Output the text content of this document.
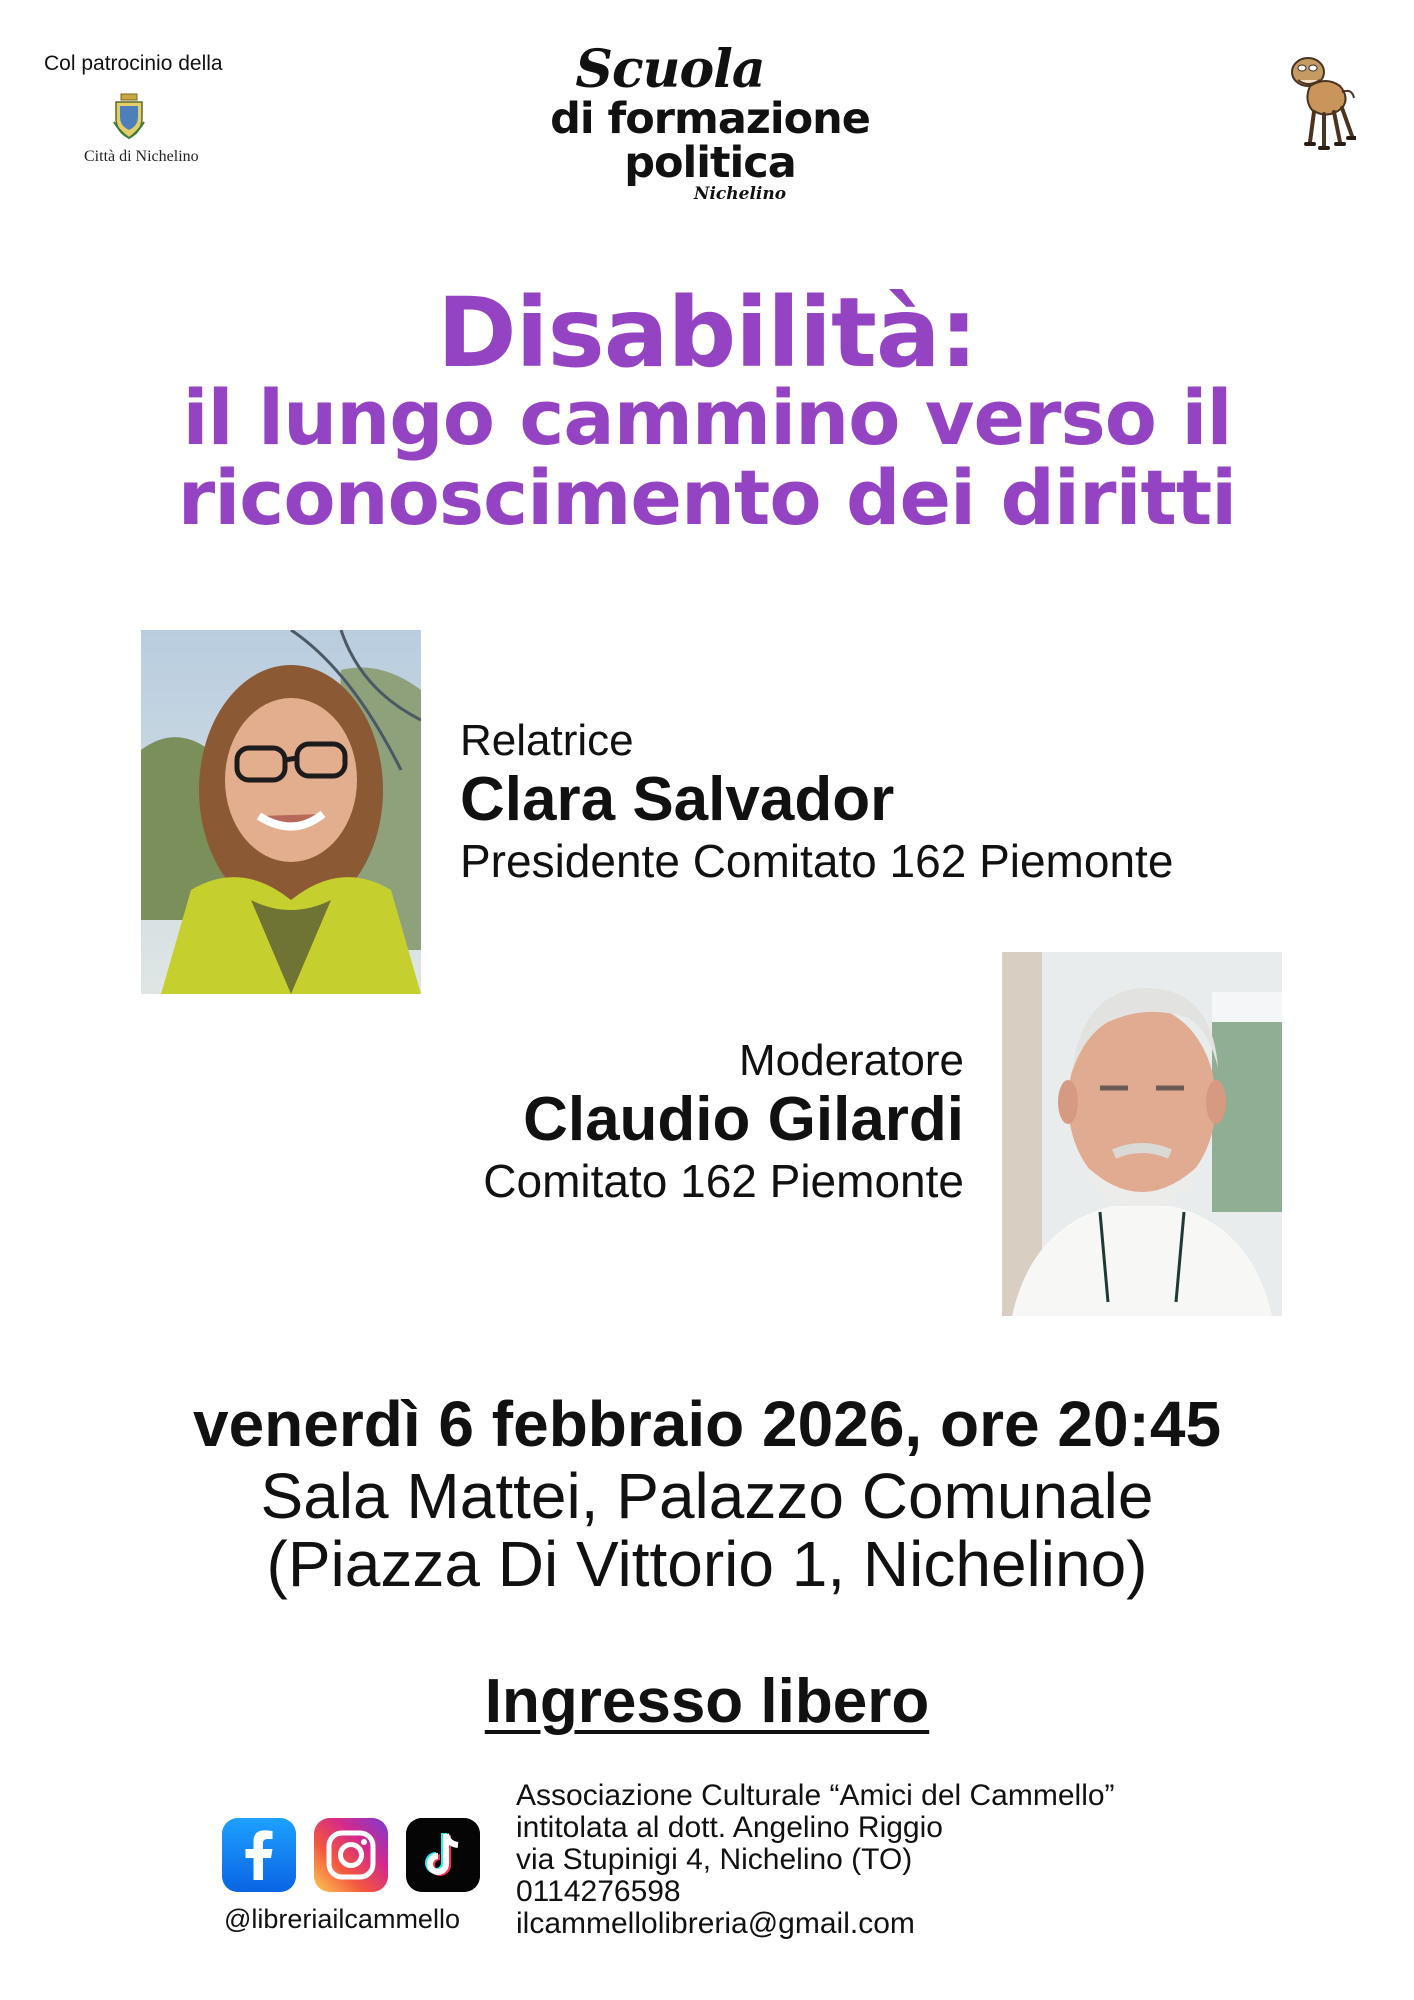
Col patrocinio della
Città di Nichelino
Scuola
di formazione
politica
Nichelino
Disabilità:
il lungo cammino verso il
riconoscimento dei diritti
Relatrice
Clara Salvador
Presidente Comitato 162 Piemonte
Moderatore
Claudio Gilardi
Comitato 162 Piemonte
venerdì 6 febbraio 2026, ore 20:45
Sala Mattei, Palazzo Comunale
(Piazza Di Vittorio 1, Nichelino)
Ingresso libero
@libreriailcammello
Associazione Culturale “Amici del Cammello”
intitolata al dott. Angelino Riggio
via Stupinigi 4, Nichelino (TO)
0114276598
ilcammellolibreria@gmail.com
